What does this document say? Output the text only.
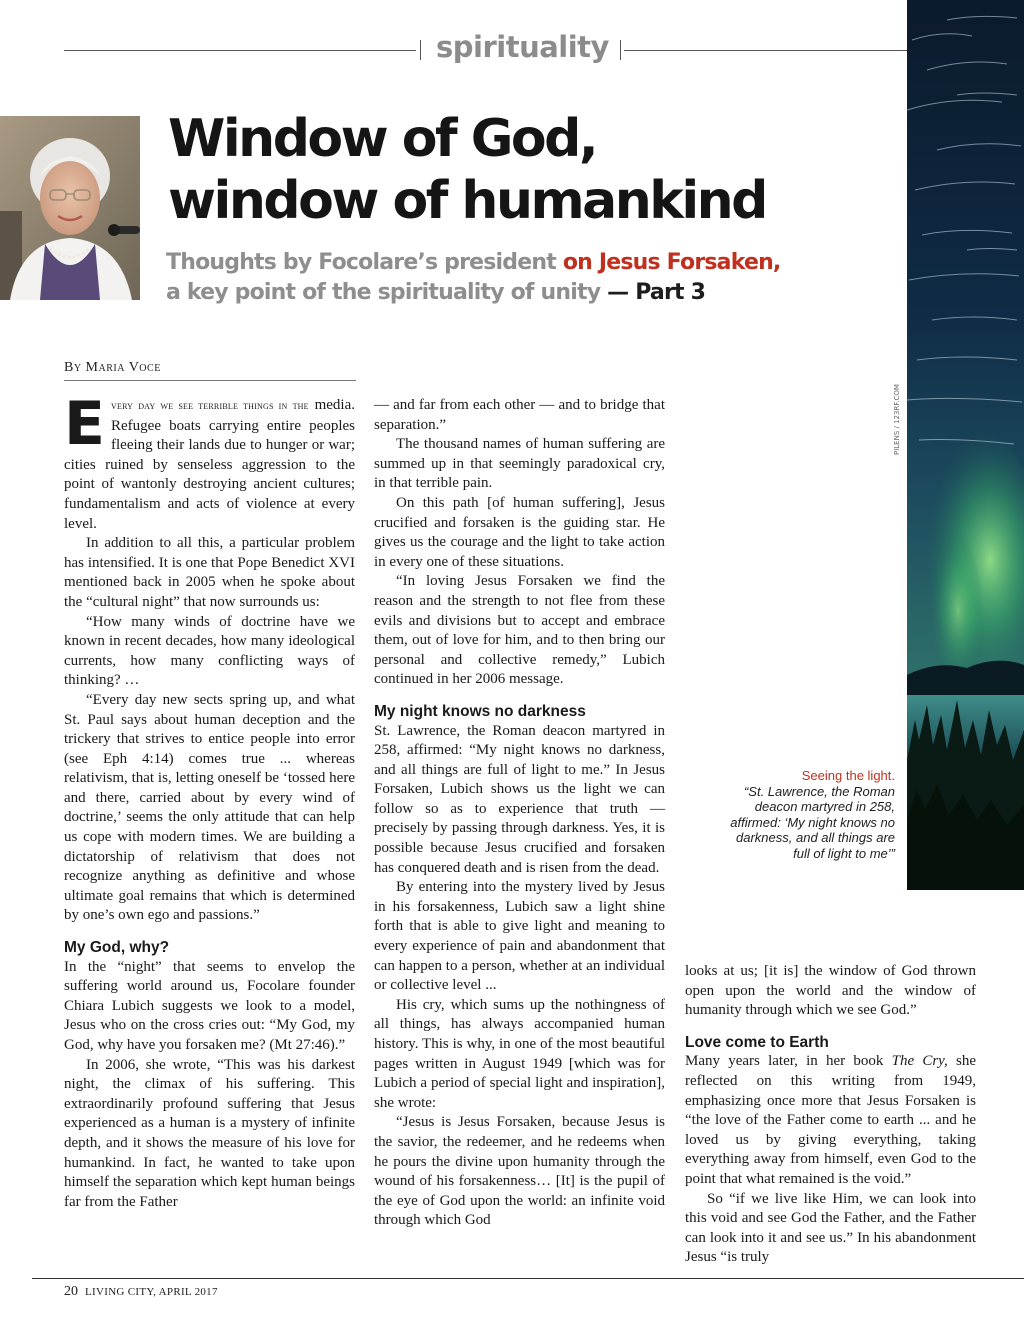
spirituality
Window of God,
window of humankind
Thoughts by Focolare’s president on Jesus Forsaken,
a key point of the spirituality of unity — Part 3
PILENS / 123RF.COM
Seeing the light.
“St. Lawrence, the Roman deacon martyred in 258, affirmed: ‘My night knows no darkness, and all things are full of light to me’”
By Maria Voce

Every day we see terrible things in the media. Refugee boats carrying entire peoples fleeing their lands due to hunger or war; cities ruined by senseless aggression to the point of wantonly destroying ancient cultures; fundamentalism and acts of violence at every level.

In addition to all this, a particular problem has intensified. It is one that Pope Benedict XVI mentioned back in 2005 when he spoke about the “cultural night” that now surrounds us:

“How many winds of doctrine have we known in recent decades, how many ideological currents, how many conflicting ways of thinking? …

“Every day new sects spring up, and what St. Paul says about human deception and the trickery that strives to entice people into error (see Eph 4:14) comes true ... whereas relativism, that is, letting oneself be ‘tossed here and there, carried about by every wind of doctrine,’ seems the only attitude that can help us cope with modern times. We are building a dictatorship of relativism that does not recognize anything as definitive and whose ultimate goal remains that which is determined by one’s own ego and passions.”

My God, why?

In the “night” that seems to envelop the suffering world around us, Focolare founder Chiara Lubich suggests we look to a model, Jesus who on the cross cries out: “My God, my God, why have you forsaken me? (Mt 27:46).”

In 2006, she wrote, “This was his darkest night, the climax of his suffering. This extraordinarily profound suffering that Jesus experienced as a human is a mystery of infinite depth, and it shows the measure of his love for humankind. In fact, he wanted to take upon himself the separation which kept human beings far from the Father

— and far from each other — and to bridge that separation.”

The thousand names of human suffering are summed up in that seemingly paradoxical cry, in that terrible pain.

On this path [of human suffering], Jesus crucified and forsaken is the guiding star. He gives us the courage and the light to take action in every one of these situations.

“In loving Jesus Forsaken we find the reason and the strength to not flee from these evils and divisions but to accept and embrace them, out of love for him, and to then bring our personal and collective remedy,” Lubich continued in her 2006 message.

My night knows no darkness

St. Lawrence, the Roman deacon martyred in 258, affirmed: “My night knows no darkness, and all things are full of light to me.” In Jesus Forsaken, Lubich shows us the light we can follow so as to experience that truth — precisely by passing through darkness. Yes, it is possible because Jesus crucified and forsaken has conquered death and is risen from the dead.

By entering into the mystery lived by Jesus in his forsakenness, Lubich saw a light shine forth that is able to give light and meaning to every experience of pain and abandonment that can happen to a person, whether at an individual or collective level ...

His cry, which sums up the nothingness of all things, has always accompanied human history. This is why, in one of the most beautiful pages written in August 1949 [which was for Lubich a period of special light and inspiration], she wrote:

“Jesus is Jesus Forsaken, because Jesus is the savior, the redeemer, and he redeems when he pours the divine upon humanity through the wound of his forsakenness… [It] is the pupil of the eye of God upon the world: an infinite void through which God

looks at us; [it is] the window of God thrown open upon the world and the window of humanity through which we see God.”

Love come to Earth

Many years later, in her book The Cry, she reflected on this writing from 1949, emphasizing once more that Jesus Forsaken is “the love of the Father come to earth ... and he loved us by giving everything, taking everything away from himself, even God to the point that what remained is the void.”

So “if we live like Him, we can look into this void and see God the Father, and the Father can look into it and see us.” In his abandonment Jesus “is truly

20 LIVING CITY, APRIL 2017
